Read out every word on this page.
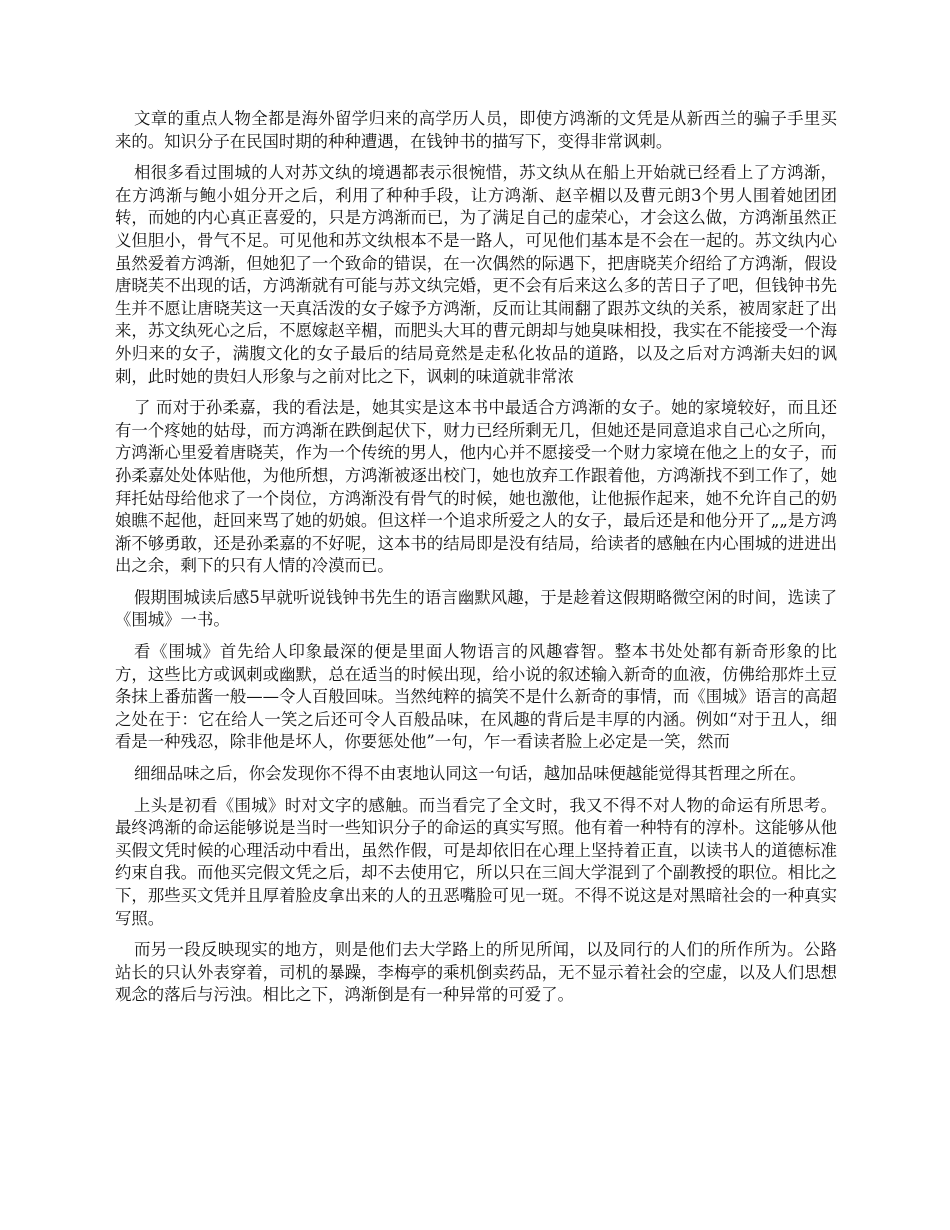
文章的重点人物全都是海外留学归来的高学历人员，即使方鸿渐的文凭是从新西兰的骗子手里买来的。知识分子在民国时期的种种遭遇，在钱钟书的描写下，变得非常讽刺。

相很多看过围城的人对苏文纨的境遇都表示很惋惜，苏文纨从在船上开始就已经看上了方鸿渐，在方鸿渐与鲍小姐分开之后，利用了种种手段，让方鸿渐、赵辛楣以及曹元朗3个男人围着她团团转，而她的内心真正喜爱的，只是方鸿渐而已，为了满足自己的虚荣心，才会这么做，方鸿渐虽然正义但胆小，骨气不足。可见他和苏文纨根本不是一路人，可见他们基本是不会在一起的。苏文纨内心虽然爱着方鸿渐，但她犯了一个致命的错误，在一次偶然的际遇下，把唐晓芙介绍给了方鸿渐，假设唐晓芙不出现的话，方鸿渐就有可能与苏文纨完婚，更不会有后来这么多的苦日子了吧，但钱钟书先生并不愿让唐晓芙这一天真活泼的女子嫁予方鸿渐，反而让其闹翻了跟苏文纨的关系，被周家赶了出来，苏文纨死心之后，不愿嫁赵辛楣，而肥头大耳的曹元朗却与她臭味相投，我实在不能接受一个海外归来的女子，满腹文化的女子最后的结局竟然是走私化妆品的道路，以及之后对方鸿渐夫妇的讽刺，此时她的贵妇人形象与之前对比之下，讽刺的味道就非常浓

了 而对于孙柔嘉，我的看法是，她其实是这本书中最适合方鸿渐的女子。她的家境较好，而且还有一个疼她的姑母，而方鸿渐在跌倒起伏下，财力已经所剩无几，但她还是同意追求自己心之所向，方鸿渐心里爱着唐晓芙，作为一个传统的男人，他内心并不愿接受一个财力家境在他之上的女子，而孙柔嘉处处体贴他，为他所想，方鸿渐被逐出校门，她也放弃工作跟着他，方鸿渐找不到工作了，她拜托姑母给他求了一个岗位，方鸿渐没有骨气的时候，她也激他，让他振作起来，她不允许自己的奶娘瞧不起他，赶回来骂了她的奶娘。但这样一个追求所爱之人的女子，最后还是和他分开了„„是方鸿渐不够勇敢，还是孙柔嘉的不好呢，这本书的结局即是没有结局，给读者的感触在内心围城的进进出出之余，剩下的只有人情的冷漠而已。

假期围城读后感5早就听说钱钟书先生的语言幽默风趣，于是趁着这假期略微空闲的时间，选读了《围城》一书。

看《围城》首先给人印象最深的便是里面人物语言的风趣睿智。整本书处处都有新奇形象的比方，这些比方或讽刺或幽默，总在适当的时候出现，给小说的叙述输入新奇的血液，仿佛给那炸土豆条抹上番茄酱一般——令人百般回味。当然纯粹的搞笑不是什么新奇的事情，而《围城》语言的高超之处在于：它在给人一笑之后还可令人百般品味，在风趣的背后是丰厚的内涵。例如“对于丑人，细看是一种残忍，除非他是坏人，你要惩处他”一句，乍一看读者脸上必定是一笑，然而

细细品味之后，你会发现你不得不由衷地认同这一句话，越加品味便越能觉得其哲理之所在。

上头是初看《围城》时对文字的感触。而当看完了全文时，我又不得不对人物的命运有所思考。最终鸿渐的命运能够说是当时一些知识分子的命运的真实写照。他有着一种特有的淳朴。这能够从他买假文凭时候的心理活动中看出，虽然作假，可是却依旧在心理上坚持着正直，以读书人的道德标准约束自我。而他买完假文凭之后，却不去使用它，所以只在三闾大学混到了个副教授的职位。相比之下，那些买文凭并且厚着脸皮拿出来的人的丑恶嘴脸可见一斑。不得不说这是对黑暗社会的一种真实写照。

而另一段反映现实的地方，则是他们去大学路上的所见所闻，以及同行的人们的所作所为。公路站长的只认外表穿着，司机的暴躁，李梅亭的乘机倒卖药品，无不显示着社会的空虚，以及人们思想观念的落后与污浊。相比之下，鸿渐倒是有一种异常的可爱了。
